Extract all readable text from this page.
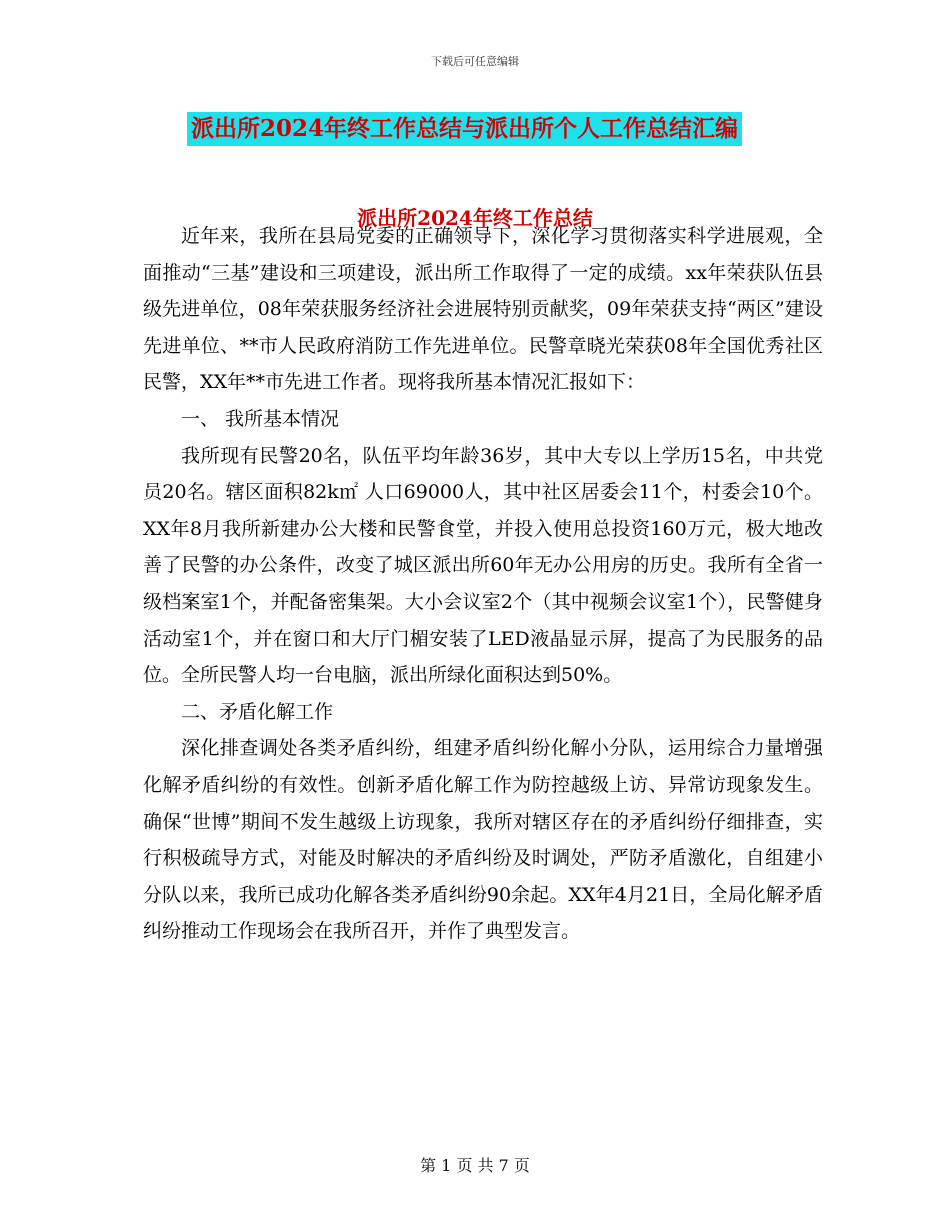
下载后可任意编辑
派出所2024年终工作总结与派出所个人工作总结汇编
派出所2024年终工作总结

近年来，我所在县局党委的正确领导下，深化学习贯彻落实科学进展观，全面推动“三基”建设和三项建设，派出所工作取得了一定的成绩。xx年荣获队伍县级先进单位，08年荣获服务经济社会进展特别贡献奖，09年荣获支持“两区”建设先进单位、**市人民政府消防工作先进单位。民警章晓光荣获08年全国优秀社区民警，XX年**市先进工作者。现将我所基本情况汇报如下：

一、 我所基本情况

我所现有民警20名，队伍平均年龄36岁，其中大专以上学历15名，中共党员20名。辖区面积82k㎡ 人口69000人，其中社区居委会11个，村委会10个。XX年8月我所新建办公大楼和民警食堂，并投入使用总投资160万元，极大地改善了民警的办公条件，改变了城区派出所60年无办公用房的历史。我所有全省一级档案室1个，并配备密集架。大小会议室2个（其中视频会议室1个），民警健身活动室1个，并在窗口和大厅门楣安装了LED液晶显示屏，提高了为民服务的品位。全所民警人均一台电脑，派出所绿化面积达到50%。

二、矛盾化解工作

深化排查调处各类矛盾纠纷，组建矛盾纠纷化解小分队，运用综合力量增强化解矛盾纠纷的有效性。创新矛盾化解工作为防控越级上访、异常访现象发生。确保“世博”期间不发生越级上访现象，我所对辖区存在的矛盾纠纷仔细排查，实行积极疏导方式，对能及时解决的矛盾纠纷及时调处，严防矛盾激化，自组建小分队以来，我所已成功化解各类矛盾纠纷90余起。XX年4月21日，全局化解矛盾纠纷推动工作现场会在我所召开，并作了典型发言。

第 1 页 共 7 页
